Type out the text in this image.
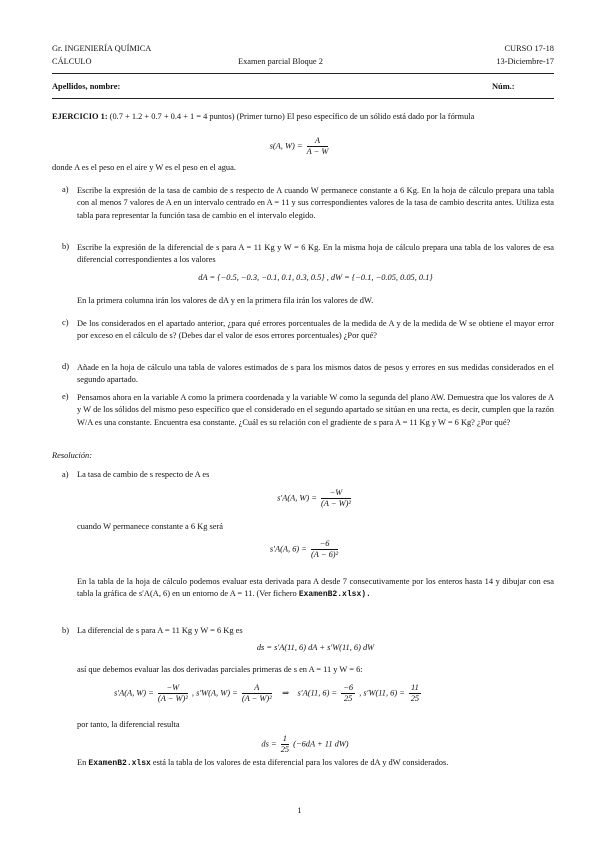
Gr. INGENIERÍA QUÍMICA
CÁLCULO	Examen parcial Bloque 2
CURSO 17-18
13-Diciembre-17
Apellidos, nombre:	Núm.:
EJERCICIO 1: (0.7 + 1.2 + 0.7 + 0.4 + 1 = 4 puntos) (Primer turno) El peso específico de un sólido está dado por la fórmula
s(A, $W) = \frac{A}{A - W}$
donde A es el peso en el aire y W es el peso en el agua.
a) Escribe la expresión de la tasa de cambio de s respecto de A cuando W permanece constante a 6 Kg. En la hoja de cálculo prepara una tabla con al menos 7 valores de A en un intervalo centrado en A = 11 y sus correspondientes valores de la tasa de cambio descrita antes. Utiliza esta tabla para representar la función tasa de cambio en el intervalo elegido.
b) Escribe la expresión de la diferencial de s para A = 11 Kg y W = 6 Kg. En la misma hoja de cálculo prepara una tabla de los valores de esa diferencial correspondientes a los valores
dA = {−0.5, −0.3, −0.1, 0.1, 0.3, 0.5} , dW = {−0.1, −0.05, 0.05, 0.1}
En la primera columna irán los valores de dA y en la primera fila irán los valores de dW.
c) De los considerados en el apartado anterior, ¿para qué errores porcentuales de la medida de A y de la medida de W se obtiene el mayor error por exceso en el cálculo de s? (Debes dar el valor de esos errores porcentuales) ¿Por qué?
d) Añade en la hoja de cálculo una tabla de valores estimados de s para los mismos datos de pesos y errores en sus medidas considerados en el segundo apartado.
e) Pensamos ahora en la variable A como la primera coordenada y la variable W como la segunda del plano AW. Demuestra que los valores de A y W de los sólidos del mismo peso específico que el considerado en el segundo apartado se sitúan en una recta, es decir, cumplen que la razón W/A es una constante. Encuentra esa constante. ¿Cuál es su relación con el gradiente de s para A = 11 Kg y W = 6 Kg? ¿Por qué?
Resolución:
a) La tasa de cambio de s respecto de A es
s′A(A, $W) = \frac{-W}{\text{(A − W)²}}$
cuando W permanece constante a 6 Kg será
s′A(A, $6) = \frac{-6}{\text{(A − 6)²}}$
En la tabla de la hoja de cálculo podemos evaluar esta derivada para A desde 7 consecutivamente por los enteros hasta 14 y dibujar con esa tabla la gráfica de s′A(A, 6) en un entorno de A = 11. (Ver fichero ExamenB2.xlsx).
b) La diferencial de s para A = 11 Kg y W = 6 Kg es
ds = s′A(11, 6) dA + s′W(11, 6) dW
así que debemos evaluar las dos derivadas parciales primeras de s en A = 11 y W = 6:
s′A(A, $W) = \frac{-W}{\text{(A − W)²}}$ , s′W(A, $W) = \frac{A}{\text{(A − W)²}}$ ⇒ s′A(11, $6) = \frac{-6}{25}$ , s′W(11, $6) = \frac{11}{25}$
por tanto, la diferencial resulta
ds = $\frac{1}{25} (-6dA + 11$ dW)
En ExamenB2.xlsx está la tabla de los valores de esta diferencial para los valores de dA y dW considerados.
1
